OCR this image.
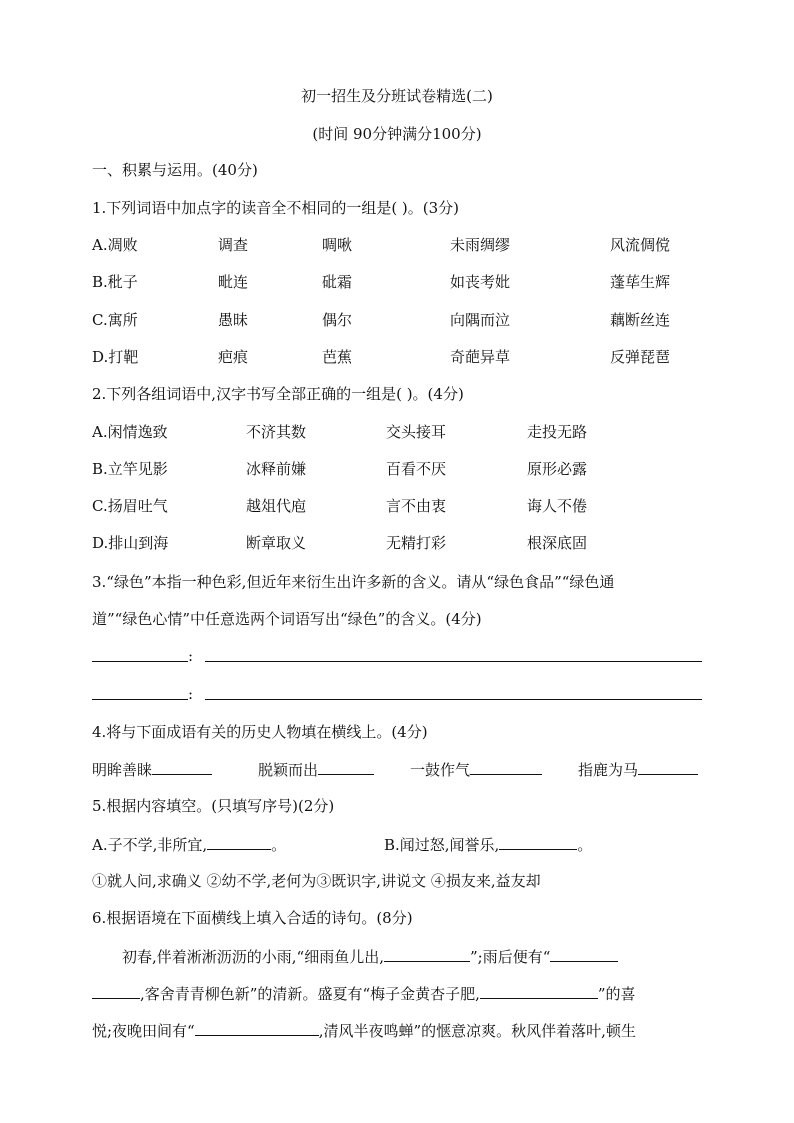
初一招生及分班试卷精选(二)
(时间 90分钟满分100分)
一、积累与运用。(40分)
1.下列词语中加点字的读音全不相同的一组是( )。(3分)
A.凋败	调查	啁啾	未雨绸缪	风流倜傥
B.秕子	毗连	砒霜	如丧考妣	蓬荜生辉
C.寓所	愚昧	偶尔	向隅而泣	藕断丝连
D.打靶	疤痕	芭蕉	奇葩异草	反弹琵琶
2.下列各组词语中,汉字书写全部正确的一组是( )。(4分)
A.闲情逸致	不济其数	交头接耳	走投无路
B.立竿见影	冰释前嫌	百看不厌	原形必露
C.扬眉吐气	越俎代庖	言不由衷	诲人不倦
D.排山到海	断章取义	无精打彩	根深底固
3.“绿色”本指一种色彩,但近年来衍生出许多新的含义。请从“绿色食品”“绿色通
道”“绿色心情”中任意选两个词语写出“绿色”的含义。(4分)
:
:
4.将与下面成语有关的历史人物填在横线上。(4分)
明眸善睐	脱颖而出	一鼓作气	指鹿为马
5.根据内容填空。(只填写序号)(2分)
A.子不学,非所宜,	。	B.闻过怒,闻誉乐,	。
①就人问,求确义 ②幼不学,老何为③既识字,讲说文 ④损友来,益友却
6.根据语境在下面横线上填入合适的诗句。(8分)
初春,伴着淅淅沥沥的小雨,“细雨鱼儿出,	”;雨后便有“
,客舍青青柳色新”的清新。盛夏有“梅子金黄杏子肥,	”的喜
悦;夜晚田间有“	,清风半夜鸣蝉”的惬意凉爽。秋风伴着落叶,顿生
